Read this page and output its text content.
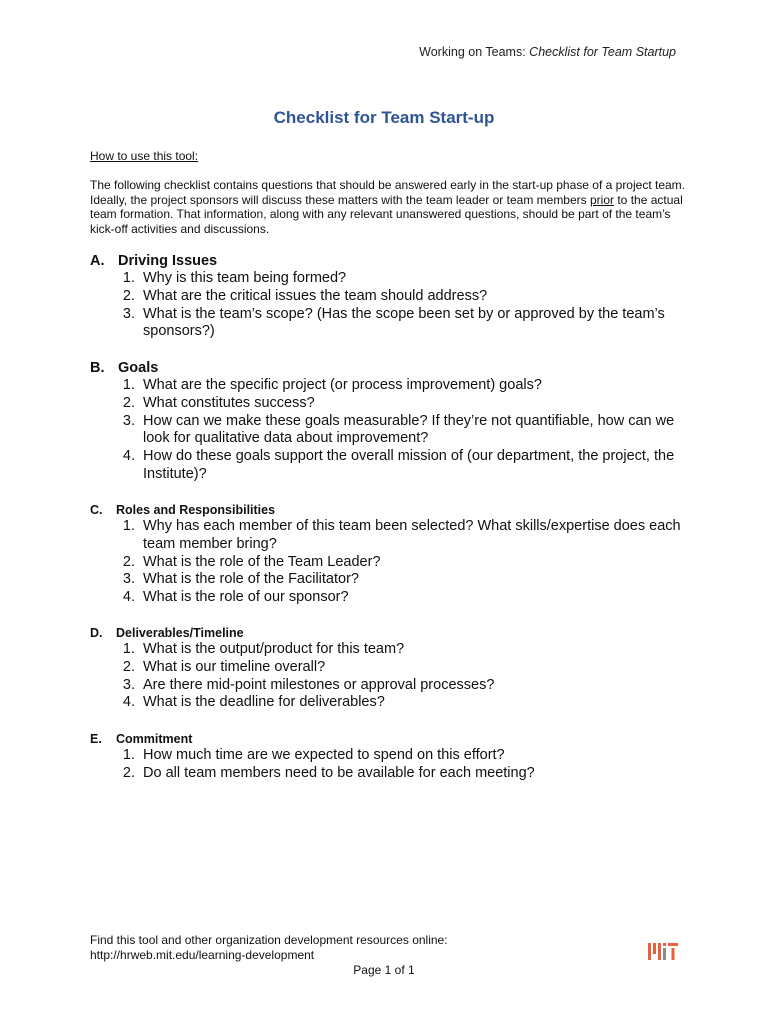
Working on Teams: Checklist for Team Startup
Checklist for Team Start-up
How to use this tool:
The following checklist contains questions that should be answered early in the start-up phase of a project team. Ideally, the project sponsors will discuss these matters with the team leader or team members prior to the actual team formation. That information, along with any relevant unanswered questions, should be part of the team’s kick-off activities and discussions.
A. Driving Issues
1. Why is this team being formed?
2. What are the critical issues the team should address?
3. What is the team’s scope? (Has the scope been set by or approved by the team’s sponsors?)
B. Goals
1. What are the specific project (or process improvement) goals?
2. What constitutes success?
3. How can we make these goals measurable? If they’re not quantifiable, how can we look for qualitative data about improvement?
4. How do these goals support the overall mission of (our department, the project, the Institute)?
C.	Roles and Responsibilities
1. Why has each member of this team been selected? What skills/expertise does each team member bring?
2. What is the role of the Team Leader?
3. What is the role of the Facilitator?
4. What is the role of our sponsor?
D.	Deliverables/Timeline
1. What is the output/product for this team?
2. What is our timeline overall?
3. Are there mid-point milestones or approval processes?
4. What is the deadline for deliverables?
E.	Commitment
1. How much time are we expected to spend on this effort?
2. Do all team members need to be available for each meeting?
Find this tool and other organization development resources online:
http://hrweb.mit.edu/learning-development
Page 1 of 1
